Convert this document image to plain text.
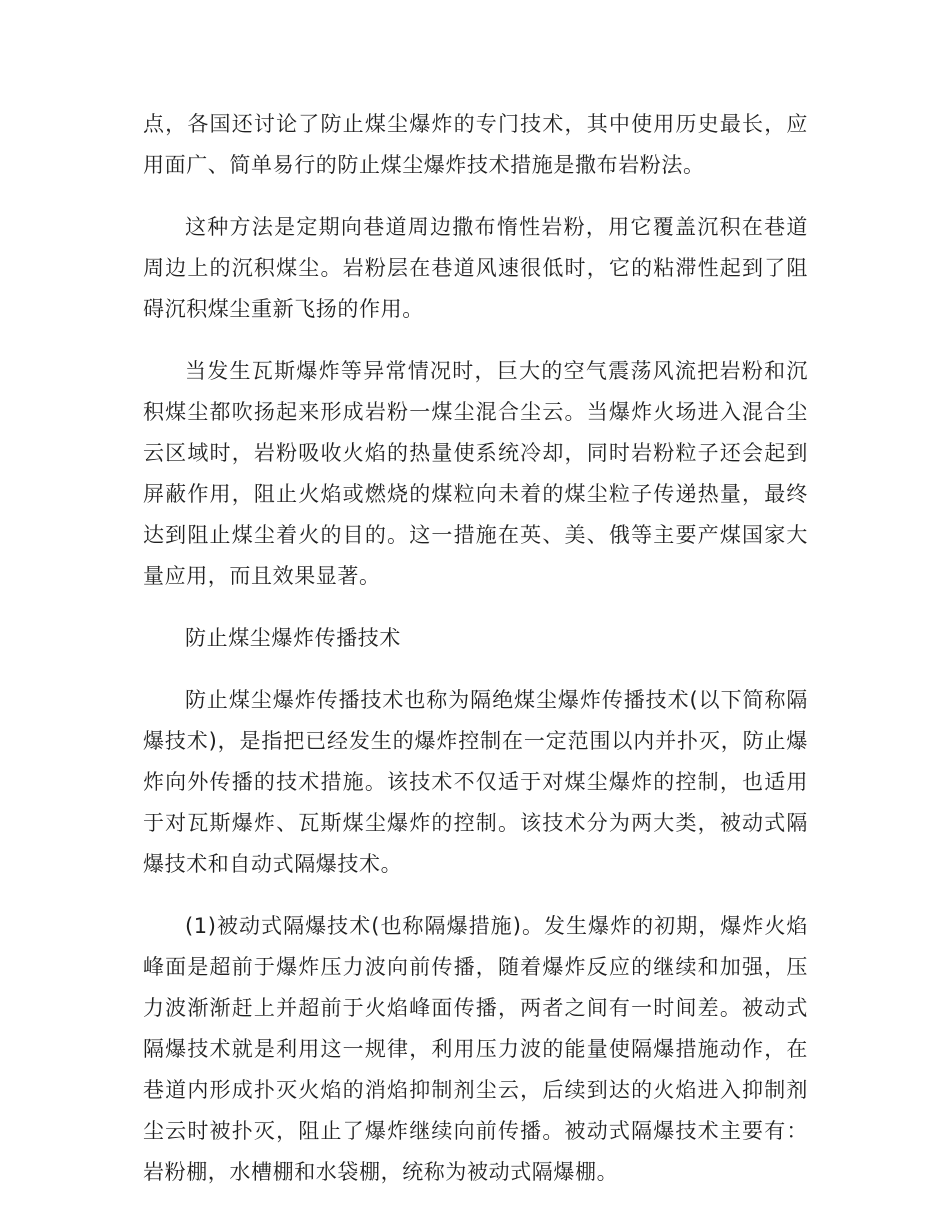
点，各国还讨论了防止煤尘爆炸的专门技术，其中使用历史最长，应用面广、简单易行的防止煤尘爆炸技术措施是撒布岩粉法。

这种方法是定期向巷道周边撒布惰性岩粉，用它覆盖沉积在巷道周边上的沉积煤尘。岩粉层在巷道风速很低时，它的粘滞性起到了阻碍沉积煤尘重新飞扬的作用。

当发生瓦斯爆炸等异常情况时，巨大的空气震荡风流把岩粉和沉积煤尘都吹扬起来形成岩粉一煤尘混合尘云。当爆炸火场进入混合尘云区域时，岩粉吸收火焰的热量使系统冷却，同时岩粉粒子还会起到屏蔽作用，阻止火焰或燃烧的煤粒向未着的煤尘粒子传递热量，最终达到阻止煤尘着火的目的。这一措施在英、美、俄等主要产煤国家大量应用，而且效果显著。

防止煤尘爆炸传播技术

防止煤尘爆炸传播技术也称为隔绝煤尘爆炸传播技术(以下简称隔爆技术)，是指把已经发生的爆炸控制在一定范围以内并扑灭，防止爆炸向外传播的技术措施。该技术不仅适于对煤尘爆炸的控制，也适用于对瓦斯爆炸、瓦斯煤尘爆炸的控制。该技术分为两大类，被动式隔爆技术和自动式隔爆技术。

(1)被动式隔爆技术(也称隔爆措施)。发生爆炸的初期，爆炸火焰峰面是超前于爆炸压力波向前传播，随着爆炸反应的继续和加强，压力波渐渐赶上并超前于火焰峰面传播，两者之间有一时间差。被动式隔爆技术就是利用这一规律，利用压力波的能量使隔爆措施动作，在巷道内形成扑灭火焰的消焰抑制剂尘云，后续到达的火焰进入抑制剂尘云时被扑灭，阻止了爆炸继续向前传播。被动式隔爆技术主要有：岩粉棚，水槽棚和水袋棚，统称为被动式隔爆棚。
